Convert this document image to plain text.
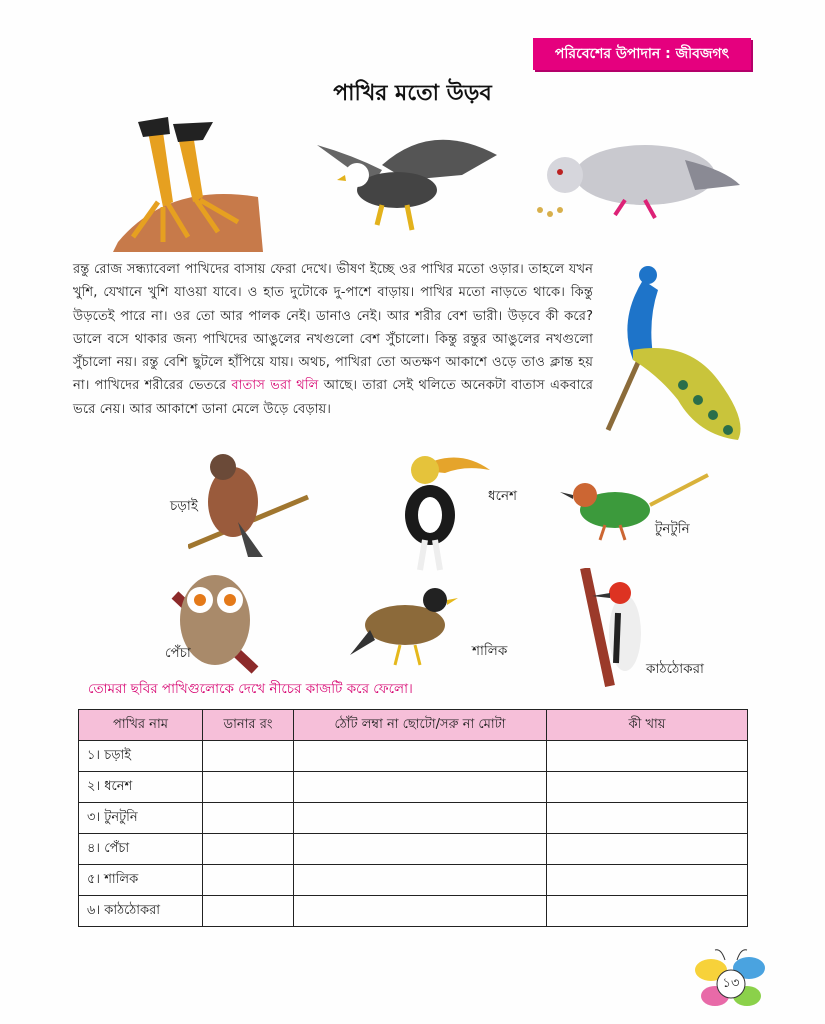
পরিবেশের উপাদান : জীবজগৎ
পাখির মতো উড়ব
রন্তু রোজ সন্ধ্যাবেলা পাখিদের বাসায় ফেরা দেখে। ভীষণ ইচ্ছে ওর পাখির মতো ওড়ার। তাহলে যখন খুশি, যেখানে খুশি যাওয়া যাবে। ও হাত দুটোকে দু-পাশে বাড়ায়। পাখির মতো নাড়তে থাকে। কিন্তু উড়তেই পারে না। ওর তো আর পালক নেই। ডানাও নেই। আর শরীর বেশ ভারী। উড়বে কী করে? ডালে বসে থাকার জন্য পাখিদের আঙুলের নখগুলো বেশ সুঁচালো। কিন্তু রন্তুর আঙুলের নখগুলো সুঁচালো নয়। রন্তু বেশি ছুটলে হাঁপিয়ে যায়। অথচ, পাখিরা তো অতক্ষণ আকাশে ওড়ে তাও ক্লান্ত হয় না। পাখিদের শরীরের ভেতরে বাতাস ভরা থলি আছে। তারা সেই থলিতে অনেকটা বাতাস একবারে ভরে নেয়। আর আকাশে ডানা মেলে উড়ে বেড়ায়।
চড়াই
ধনেশ
টুনটুনি
পেঁচা	শালিক
কাঠঠোকরা
তোমরা ছবির পাখিগুলোকে দেখে নীচের কাজটি করে ফেলো।
পাখির নাম	ডানার রং	ঠোঁট লম্বা না ছোটো/সরু না মোটা	কী খায়
১। চড়াই			
২। ধনেশ			
৩। টুনটুনি			
৪। পেঁচা			
৫। শালিক			
৬। কাঠঠোকরা			
১৩
